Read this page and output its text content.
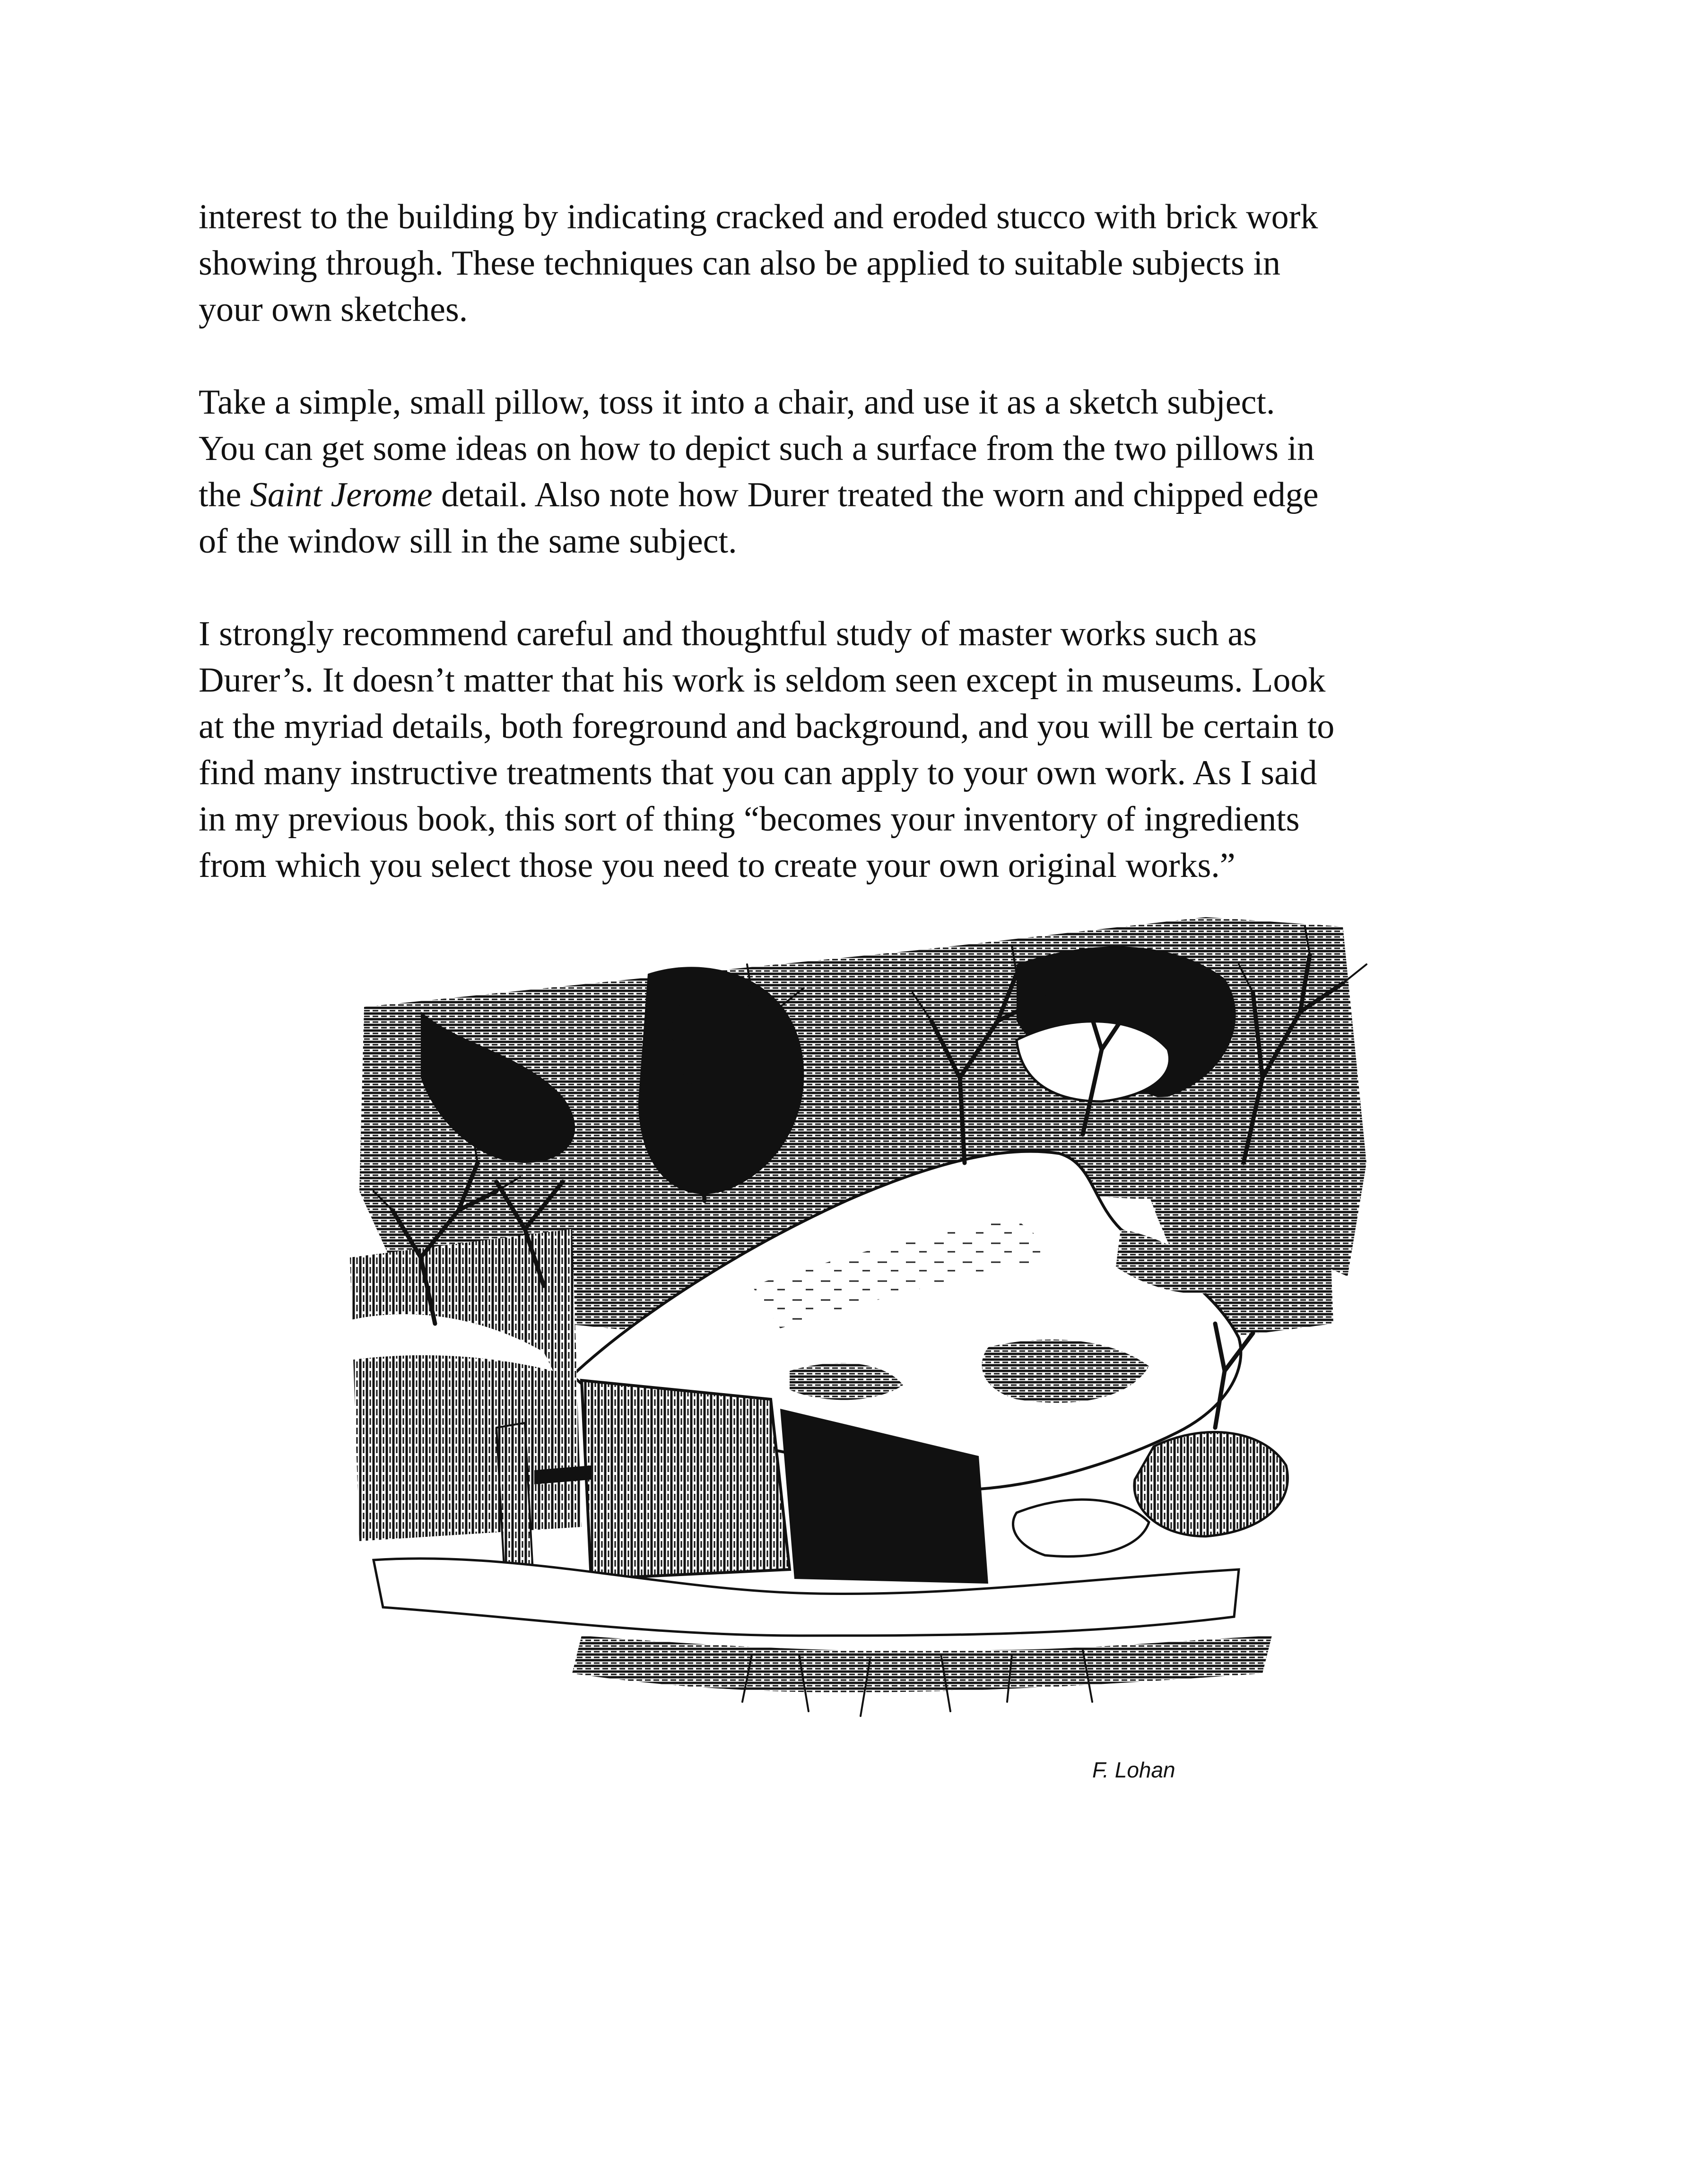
interest to the building by indicating cracked and eroded stucco with brick work
showing through. These techniques can also be applied to suitable subjects in
your own sketches.

Take a simple, small pillow, toss it into a chair, and use it as a sketch subject.
You can get some ideas on how to depict such a surface from the two pillows in
the Saint Jerome detail. Also note how Durer treated the worn and chipped edge
of the window sill in the same subject.

I strongly recommend careful and thoughtful study of master works such as
Durer’s. It doesn’t matter that his work is seldom seen except in museums. Look
at the myriad details, both foreground and background, and you will be certain to
find many instructive treatments that you can apply to your own work. As I said
in my previous book, this sort of thing “becomes your inventory of ingredients
from which you select those you need to create your own original works.”

F. Lohan
